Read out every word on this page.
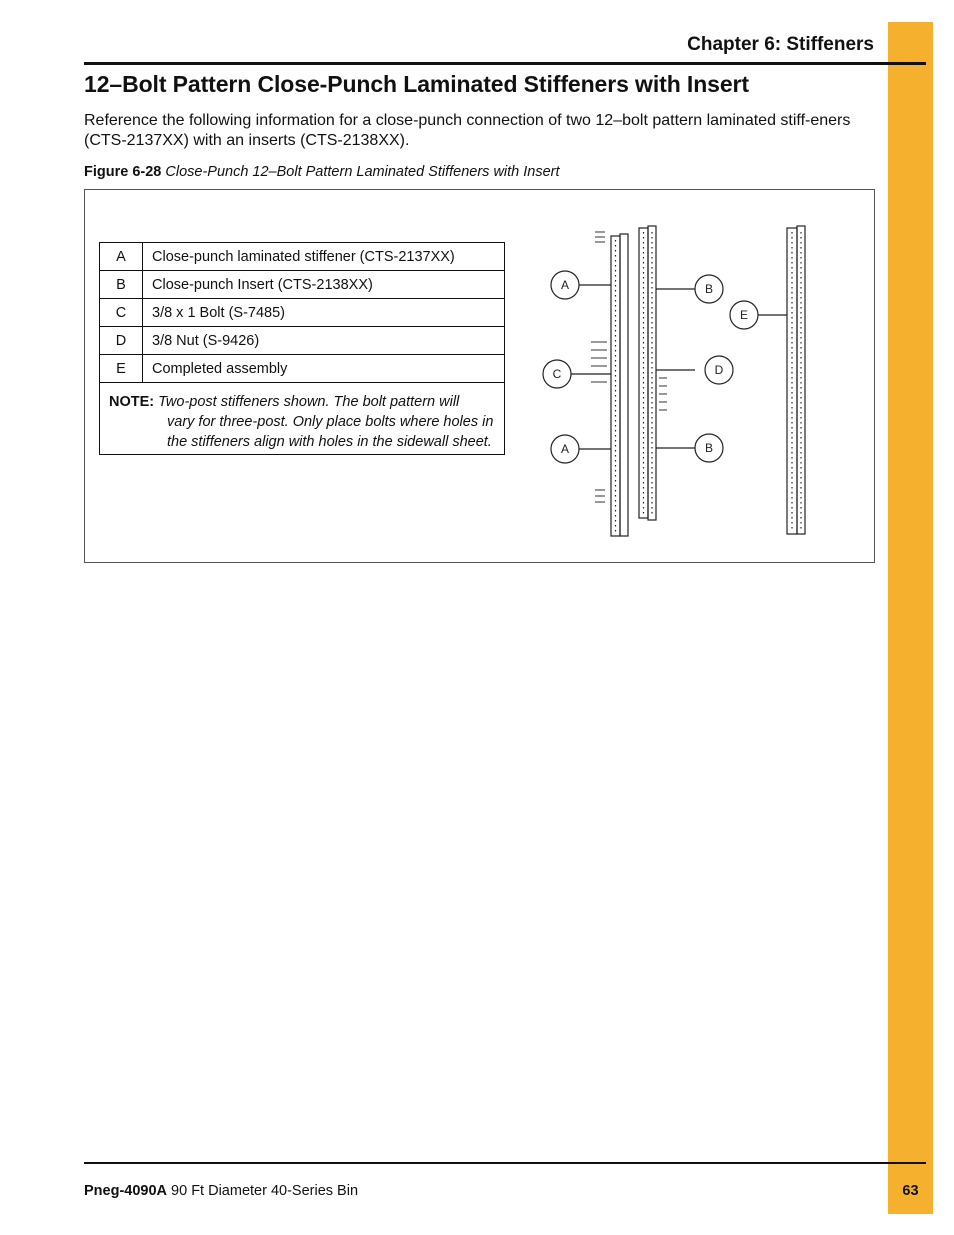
Chapter 6: Stiffeners
12–Bolt Pattern Close-Punch Laminated Stiffeners with Insert

Reference the following information for a close-punch connection of two 12–bolt pattern laminated stiff-eners (CTS-2137XX) with an inserts (CTS-2138XX).

Figure 6-28 Close-Punch 12–Bolt Pattern Laminated Stiffeners with Insert
A	Close-punch laminated stiffener (CTS-2137XX)
B	Close-punch Insert (CTS-2138XX)
C	3/8 x 1 Bolt (S-7485)
D	3/8 Nut (S-9426)
E	Completed assembly
NOTE: Two-post stiffeners shown. The bolt pattern will
vary for three-post. Only place bolts where holes in the stiffeners align with holes in the sidewall sheet.
A	B
E
C	D
A	B
Pneg-4090A 90 Ft Diameter 40-Series Bin	63
